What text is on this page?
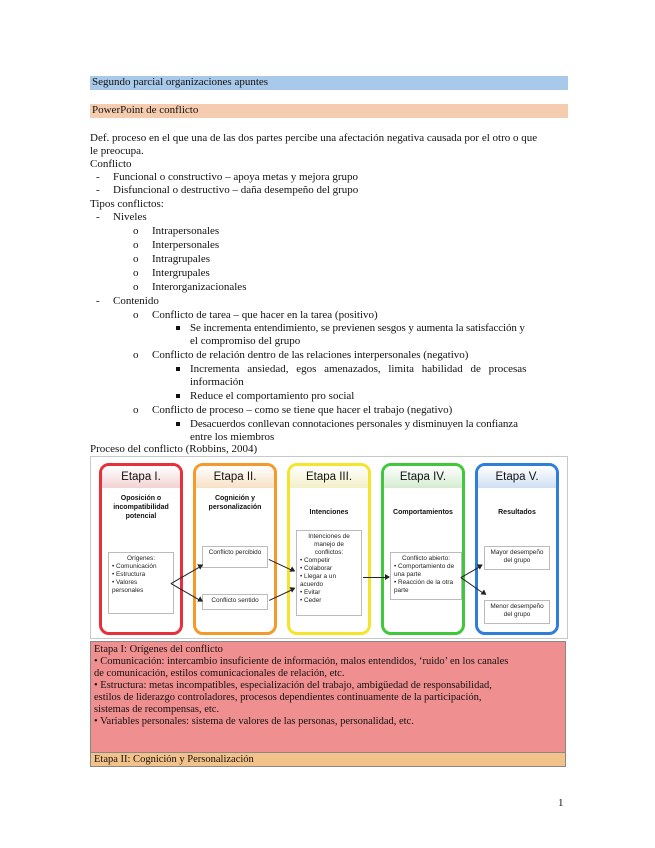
Segundo parcial organizaciones apuntes
PowerPoint de conflicto
Def. proceso en el que una de las dos partes percibe una afectación negativa causada por el otro o que
le preocupa.
Conflicto
- Funcional o constructivo – apoya metas y mejora grupo
- Disfuncional o destructivo – daña desempeño del grupo
Tipos conflictos:
- Niveles
o Intrapersonales
o Interpersonales
o Intragrupales
o Intergrupales
o Interorganizacionales
- Contenido
o Conflicto de tarea – que hacer en la tarea (positivo)
Se incrementa entendimiento, se previenen sesgos y aumenta la satisfacción y
el compromiso del grupo
o Conflicto de relación dentro de las relaciones interpersonales (negativo)
Incrementa ansiedad, egos amenazados, limita habilidad de procesas
información
Reduce el comportamiento pro social
o Conflicto de proceso – como se tiene que hacer el trabajo (negativo)
Desacuerdos conllevan connotaciones personales y disminuyen la confianza
entre los miembros
Proceso del conflicto (Robbins, 2004)
Etapa I.
Oposición o incompatibilidad potencial
Orígenes:
• Comunicación
• Estructura
• Valores personales
Etapa II.
Cognición y personalización
Conflicto percibido
Conflicto sentido
Etapa III.
Intenciones
Intenciones de manejo de conflictos:
• Competir
• Colaborar
• Llegar a un acuerdo
• Evitar
• Ceder
Etapa IV.
Comportamientos
Conflicto abierto:
• Comportamiento de una parte
• Reacción de la otra parte
Etapa V.
Resultados
Mayor desempeño del grupo
Menor desempeño del grupo
Etapa I: Orígenes del conflicto
• Comunicación: intercambio insuficiente de información, malos entendidos, ‘ruido’ en los canales
de comunicación, estilos comunicacionales de relación, etc.
• Estructura: metas incompatibles, especialización del trabajo, ambigüedad de responsabilidad,
estilos de liderazgo controladores, procesos dependientes continuamente de la participación,
sistemas de recompensas, etc.
• Variables personales: sistema de valores de las personas, personalidad, etc.
Etapa II: Cognición y Personalización
1
